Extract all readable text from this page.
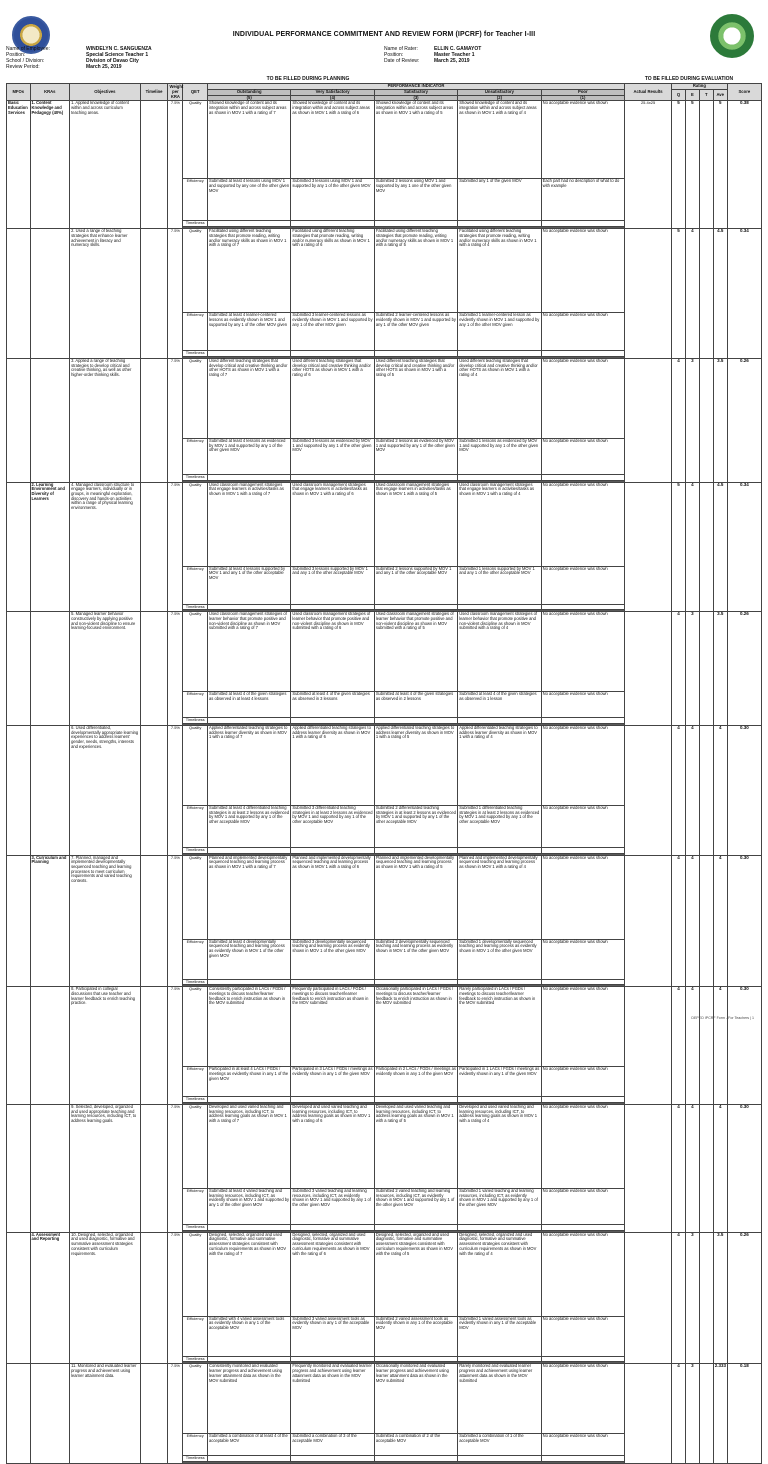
INDIVIDUAL PERFORMANCE COMMITMENT AND REVIEW FORM (IPCRF) for Teacher I-III
Name of Employee:	WINDELYN C. SANGUENZA
Position:	Special Science Teacher 1
School / Division:	Division of Davao City
Review Period:	March 25, 2019
Name of Rater:	ELLIN C. GAMAYOT
Position:	Master Teacher 1
Date of Review:	March 25, 2019
TO BE FILLED DURING PLANNING	TO BE FILLED DURING EVALUATION
MFOs	KRAs	Objectives	Timeline	Weight per KRA	QET	PERFORMANCE INDICATOR					Actual Results	Rating				Score
						Outstanding	Very Satisfactory	Satisfactory	Unsatisfactory	Poor		Q	E	T	Ave	
						(5)	(4)	(3)	(2)	(1)						
Basic Education Services	1. Content Knowledge and Pedagogy (40%)	1. Applied knowledge of content within and across curriculum teaching areas.		7.5%	Quality	Showed knowledge of content and its integration within and across subject areas as shown in MOV 1 with a rating of 7	Showed knowledge of content and its integration within and across subject areas as shown in MOV 1 with a rating of 6	Showed knowledge of content and its integration within and across subject areas as shown in MOV 1 with a rating of 5	Showed knowledge of content and its integration within and across subject areas as shown in MOV 1 with a rating of 4	No acceptable evidence was shown	25.4x25	5	5		5	0.38
					Efficiency	Submitted at least 4 lessons using MOV 1 and supported by any one of the other given MOV	Submitted 3 lessons using MOV 1 and supported by any 1 of the other given MOV	Submitted 2 lessons using MOV 1 and supported by any 1 one of the other given MOV	Submitted any 1 of the given MOV	Each part had no description of what to do with example						
					Timeliness											

		2. Used a range of teaching strategies that enhance learner achievement in literacy and numeracy skills.		7.5%	Quality	Facilitated using different teaching strategies that promote reading, writing and/or numeracy skills as shown in MOV 1 with a rating of 7	Facilitated using different teaching strategies that promote reading, writing and/or numeracy skills as shown in MOV 1 with a rating of 6	Facilitated using different teaching strategies that promote reading, writing and/or numeracy skills as shown in MOV 1 with a rating of 5	Facilitated using different teaching strategies that promote reading, writing and/or numeracy skills as shown in MOV 1 with a rating of 4	No acceptable evidence was shown		5	4		4.5	0.34
					Efficiency	Submitted at least 4 learner-centered lessons as evidently shown in MOV 1 and supported by any 1 of the other MOV given	Submitted 3 learner-centered lessons as evidently shown in MOV 1 and supported by any 1 of the other MOV given	Submitted 2 learner-centered lessons as evidently shown in MOV 1 and supported by any 1 of the other MOV given	Submitted 1 learner-centered lesson as evidently shown in MOV 1 and supported by any 1 of the other MOV given	No acceptable evidence was shown						
					Timeliness											

		3. Applied a range of teaching strategies to develop critical and creative thinking, as well as other higher-order thinking skills.		7.5%	Quality	Used different teaching strategies that develop critical and creative thinking and/or other HOTS as shown in MOV 1 with a rating of 7	Used different teaching strategies that develop critical and creative thinking and/or other HOTS as shown in MOV 1 with a rating of 6	Used different teaching strategies that develop critical and creative thinking and/or other HOTS as shown in MOV 1 with a rating of 5	Used different teaching strategies that develop critical and creative thinking and/or other HOTS as shown in MOV 1 with a rating of 4	No acceptable evidence was shown		4	3		3.5	0.26
					Efficiency	Submitted at least 4 lessons as evidenced by MOV 1 and supported by any 1 of the other given MOV	Submitted 3 lessons as evidenced by MOV 1 and supported by any 1 of the other given MOV	Submitted 2 lessons as evidenced by MOV 1 and supported by any 1 of the other given MOV	Submitted 1 lessons as evidenced by MOV 1 and supported by any 1 of the other given MOV	No acceptable evidence was shown						
					Timeliness											

	2. Learning Environment and Diversity of Learners	4. Managed classroom structure to engage learners, individually or in groups, in meaningful exploration, discovery and hands-on activities within a range of physical learning environments.		7.5%	Quality	Used classroom management strategies that engage learners in activities/tasks as shown in MOV 1 with a rating of 7	Used classroom management strategies that engage learners in activities/tasks as shown in MOV 1 with a rating of 6	Used classroom management strategies that engage learners in activities/tasks as shown in MOV 1 with a rating of 5	Used classroom management strategies that engage learners in activities/tasks as shown in MOV 1 with a rating of 4	No acceptable evidence was shown		5	4		4.5	0.34
					Efficiency	Submitted at least 4 lessons supported by MOV 1 and any 1 of the other acceptable MOV	Submitted 3 lessons supported by MOV 1 and any 1 of the other acceptable MOV	Submitted 2 lessons supported by MOV 1 and any 1 of the other acceptable MOV	Submitted 1 lessons supported by MOV 1 and any 1 of the other acceptable MOV	No acceptable evidence was shown						
					Timeliness											

		5. Managed learner behavior constructively by applying positive and non-violent discipline to ensure learning-focused environment.		7.5%	Quality	Used classroom management strategies of learner behavior that promote positive and non-violent discipline as shown in MOV submitted with a rating of 7	Used classroom management strategies of learner behavior that promote positive and non-violent discipline as shown in MOV submitted with a rating of 6	Used classroom management strategies of learner behavior that promote positive and non-violent discipline as shown in MOV submitted with a rating of 5	Used classroom management strategies of learner behavior that promote positive and non-violent discipline as shown in MOV submitted with a rating of 4	No acceptable evidence was shown		4	3		3.5	0.26
					Efficiency	Submitted at least 4 of the given strategies as observed in at least 4 lessons	Submitted at least 4 of the given strategies as observed in 3 lessons	Submitted at least 4 of the given strategies as observed in 2 lessons	Submitted at least 4 of the given strategies as observed in 1 lesson	No acceptable evidence was shown						
					Timeliness											

		6. Used differentiated, developmentally appropriate learning experiences to address learners' gender, needs, strengths, interests and experiences.		7.5%	Quality	Applied differentiated teaching strategies to address learner diversity as shown in MOV 1 with a rating of 7	Applied differentiated teaching strategies to address learner diversity as shown in MOV 1 with a rating of 6	Applied differentiated teaching strategies to address learner diversity as shown in MOV 1 with a rating of 5	Applied differentiated teaching strategies to address learner diversity as shown in MOV 1 with a rating of 4	No acceptable evidence was shown		4	4		4	0.30
					Efficiency	Submitted at least 4 differentiated teaching strategies in at least 2 lessons as evidenced by MOV 1 and supported by any 1 of the other acceptable MOV	Submitted 3 differentiated teaching strategies in at least 2 lessons as evidenced by MOV 1 and supported by any 1 of the other acceptable MOV	Submitted 2 differentiated teaching strategies in at least 2 lessons as evidenced by MOV 1 and supported by any 1 of the other acceptable MOV	Submitted 1 differentiated teaching strategies in at least 2 lessons as evidenced by MOV 1 and supported by any 1 of the other acceptable MOV	No acceptable evidence was shown						
					Timeliness											

	3. Curriculum and Planning	7. Planned, managed and implemented developmentally sequenced teaching and learning processes to meet curriculum requirements and varied teaching contexts.		7.5%	Quality	Planned and implemented developmentally sequenced teaching and learning process as shown in MOV 1 with a rating of 7	Planned and implemented developmentally sequenced teaching and learning process as shown in MOV 1 with a rating of 6	Planned and implemented developmentally sequenced teaching and learning process as shown in MOV 1 with a rating of 5	Planned and implemented developmentally sequenced teaching and learning process as shown in MOV 1 with a rating of 4	No acceptable evidence was shown		4	4		4	0.30
					Efficiency	Submitted at least 4 developmentally sequenced teaching and learning process as evidently shown in MOV 1 of the other given MOV	Submitted 3 developmentally sequenced teaching and learning process as evidently shown in MOV 1 of the other given MOV	Submitted 2 developmentally sequenced teaching and learning process as evidently shown in MOV 1 of the other given MOV	Submitted 1 developmentally sequenced teaching and learning process as evidently shown in MOV 1 of the other given MOV	No acceptable evidence was shown						
					Timeliness											

		8. Participated in collegial discussions that use teacher and learner feedback to enrich teaching practice.		7.5%	Quality	Consistently participated in LACs / FGDs / meetings to discuss teacher/learner feedback to enrich instruction as shown in the MOV submitted	Frequently participated in LACs / FGDs / meetings to discuss teacher/learner feedback to enrich instruction as shown in the MOV submitted	Occasionally participated in LACs / FGDs / meetings to discuss teacher/learner feedback to enrich instruction as shown in the MOV submitted	Rarely participated in LACs / FGDs / meetings to discuss teacher/learner feedback to enrich instruction as shown in the MOV submitted	No acceptable evidence was shown		4	4		4	0.30
					Efficiency	Participated in at least 4 LACs / FGDs / meetings as evidently shown in any 1 of the given MOV	Participated in 3 LACs / FGDs / meetings as evidently shown in any 1 of the given MOV	Participated in 2 LACs / FGDs / meetings as evidently shown in any 1 of the given MOV	Participated in 1 LACs / FGDs / meetings as evidently shown in any 1 of the given MOV	No acceptable evidence was shown						
					Timeliness											

		9. Selected, developed, organized and used appropriate teaching and learning resources, including ICT, to address learning goals.		7.5%	Quality	Developed and used varied teaching and learning resources, including ICT, to address learning goals as shown in MOV 1 with a rating of 7	Developed and used varied teaching and learning resources, including ICT, to address learning goals as shown in MOV 1 with a rating of 6	Developed and used varied teaching and learning resources, including ICT, to address learning goals as shown in MOV 1 with a rating of 5	Developed and used varied teaching and learning resources, including ICT, to address learning goals as shown in MOV 1 with a rating of 4	No acceptable evidence was shown		4	4		4	0.30
					Efficiency	Submitted at least 4 varied teaching and learning resources, including ICT, as evidently shown in MOV 1 and supported by any 1 of the other given MOV	Submitted 3 varied teaching and learning resources, including ICT, as evidently shown in MOV 1 and supported by any 1 of the other given MOV	Submitted 2 varied teaching and learning resources, including ICT, as evidently shown in MOV 1 and supported by any 1 of the other given MOV	Submitted 1 varied teaching and learning resources, including ICT, as evidently shown in MOV 1 and supported by any 1 of the other given MOV	No acceptable evidence was shown						
					Timeliness											

	4. Assessment and Reporting	10. Designed, selected, organized and used diagnostic, formative and summative assessment strategies consistent with curriculum requirements.		7.5%	Quality	Designed, selected, organized and used diagnostic, formative and summative assessment strategies consistent with curriculum requirements as shown in MOV with the rating of 7	Designed, selected, organized and used diagnostic, formative and summative assessment strategies consistent with curriculum requirements as shown in MOV with the rating of 6	Designed, selected, organized and used diagnostic, formative and summative assessment strategies consistent with curriculum requirements as shown in MOV with the rating of 5	Designed, selected, organized and used diagnostic, formative and summative assessment strategies consistent with curriculum requirements as shown in MOV with the rating of 4	No acceptable evidence was shown		4	3		3.5	0.26
					Efficiency	Submitted with 4 varied assessment tools as evidently shown in any 1 of the acceptable MOV	Submitted 3 varied assessment tools as evidently shown in any 1 of the acceptable MOV	Submitted 2 varied assessment tools as evidently shown in any 1 of the acceptable MOV	Submitted 1 varied assessment tools as evidently shown in any 1 of the acceptable MOV	No acceptable evidence was shown						
					Timeliness											

		11. Monitored and evaluated learner progress and achievement using learner attainment data.		7.5%	Quality	Consistently monitored and evaluated learner progress and achievement using learner attainment data as shown in the MOV submitted	Frequently monitored and evaluated learner progress and achievement using learner attainment data as shown in the MOV submitted	Occasionally monitored and evaluated learner progress and achievement using learner attainment data as shown in the MOV submitted	Rarely monitored and evaluated learner progress and achievement using learner attainment data as shown in the MOV submitted	No acceptable evidence was shown		4	3		2.333	0.18
					Efficiency	Submitted a combination of at least 4 of the acceptable MOV	Submitted a combination of 3 of the acceptable MOV	Submitted a combination of 2 of the acceptable MOV	Submitted a combination of 1 of the acceptable MOV	No acceptable evidence was shown						
					Timeliness											

DEPED IPCRF Form - For Teachers | 1
